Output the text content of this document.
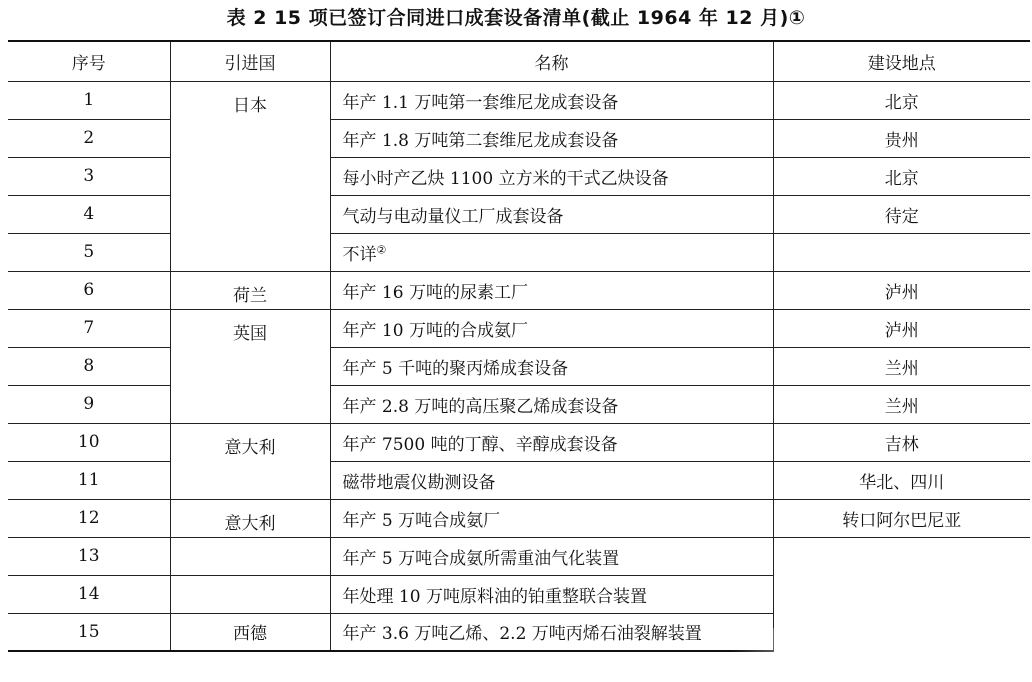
表 2 15 项已签订合同进口成套设备清单(截止 1964 年 12 月)①
序号	引进国	名称	建设地点
1	日本	年产 1.1 万吨第一套维尼龙成套设备	北京
2		年产 1.8 万吨第二套维尼龙成套设备	贵州
3		每小时产乙炔 1100 立方米的干式乙炔设备	北京
4		气动与电动量仪工厂成套设备	待定
5		不详②	
6	荷兰	年产 16 万吨的尿素工厂	泸州
7	英国	年产 10 万吨的合成氨厂	泸州
8		年产 5 千吨的聚丙烯成套设备	兰州
9		年产 2.8 万吨的高压聚乙烯成套设备	兰州
10	意大利	年产 7500 吨的丁醇、辛醇成套设备	吉林
11		磁带地震仪勘测设备	华北、四川
12	意大利	年产 5 万吨合成氨厂	转口阿尔巴尼亚
13		年产 5 万吨合成氨所需重油气化装置	
14		年处理 10 万吨原料油的铂重整联合装置	
15	西德	年产 3.6 万吨乙烯、2.2 万吨丙烯石油裂解装置	
